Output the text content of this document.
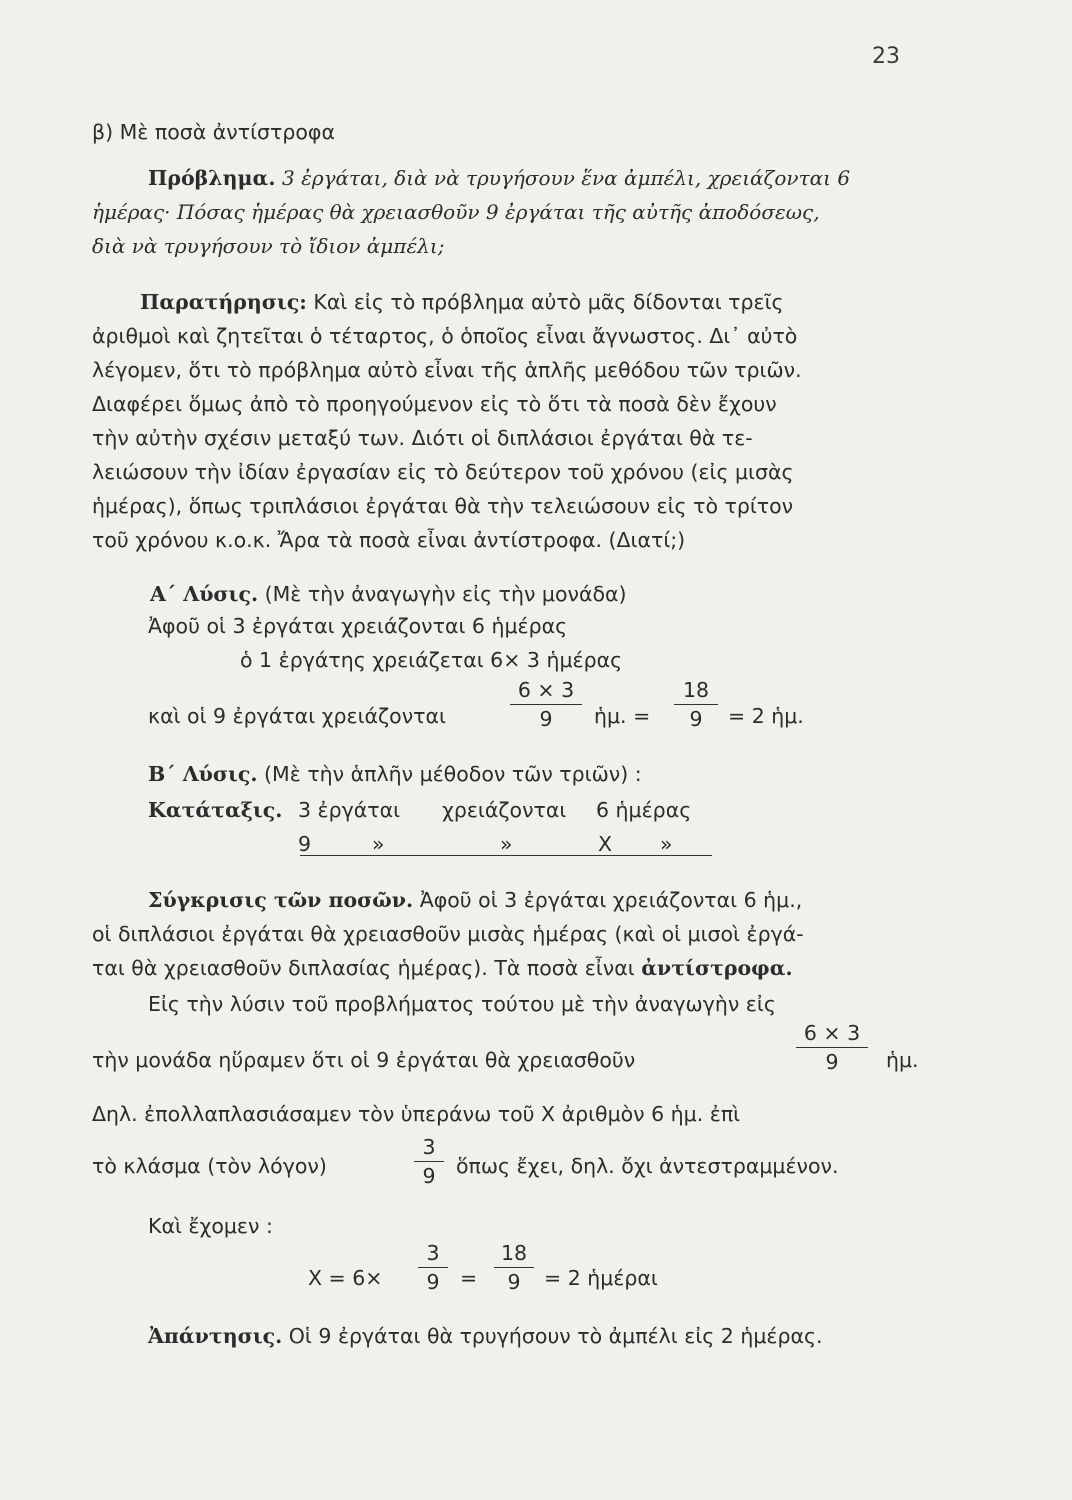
23
β) Μὲ ποσὰ ἀντίστροφα
Πρόβλημα. 3 ἐργάται, διὰ νὰ τρυγήσουν ἕνα ἀμπέλι, χρειάζονται 6
ἡμέρας· Πόσας ἡμέρας θὰ χρειασθοῦν 9 ἐργάται τῆς αὐτῆς ἀποδόσεως,
διὰ νὰ τρυγήσουν τὸ ἴδιον ἀμπέλι;
Παρατήρησις: Καὶ εἰς τὸ πρόβλημα αὐτὸ μᾶς δίδονται τρεῖς
ἀριθμοὶ καὶ ζητεῖται ὁ τέταρτος, ὁ ὁποῖος εἶναι ἄγνωστος. Δι᾽ αὐτὸ
λέγομεν, ὅτι τὸ πρόβλημα αὐτὸ εἶναι τῆς ἁπλῆς μεθόδου τῶν τριῶν.
Διαφέρει ὅμως ἀπὸ τὸ προηγούμενον εἰς τὸ ὅτι τὰ ποσὰ δὲν ἔχουν
τὴν αὐτὴν σχέσιν μεταξύ των. Διότι οἱ διπλάσιοι ἐργάται θὰ τε-
λειώσουν τὴν ἰδίαν ἐργασίαν εἰς τὸ δεύτερον τοῦ χρόνου (εἰς μισὰς
ἡμέρας), ὅπως τριπλάσιοι ἐργάται θὰ τὴν τελειώσουν εἰς τὸ τρίτον
τοῦ χρόνου κ.ο.κ. Ἄρα τὰ ποσὰ εἶναι ἀντίστροφα. (Διατί;)
Α΄ Λύσις. (Μὲ τὴν ἀναγωγὴν εἰς τὴν μονάδα)
Ἀφοῦ οἱ 3 ἐργάται χρειάζονται 6 ἡμέρας
ὁ 1 ἐργάτης χρειάζεται 6× 3 ἡμέρας
καὶ οἱ 9 ἐργάται χρειάζονται
6 × 3
9	ἡμ. =
18
9	= 2 ἡμ.
Β΄ Λύσις. (Μὲ τὴν ἁπλῆν μέθοδον τῶν τριῶν) :
Κατάταξις. 3 ἐργάται χρειάζονται 6 ἡμέρας
9	»	»	X »
Σύγκρισις τῶν ποσῶν. Ἀφοῦ οἱ 3 ἐργάται χρειάζονται 6 ἡμ.,
οἱ διπλάσιοι ἐργάται θὰ χρειασθοῦν μισὰς ἡμέρας (καὶ οἱ μισοὶ ἐργά-
ται θὰ χρειασθοῦν διπλασίας ἡμέρας). Τὰ ποσὰ εἶναι ἀντίστροφα.
Εἰς τὴν λύσιν τοῦ προβλήματος τούτου μὲ τὴν ἀναγωγὴν εἰς
τὴν μονάδα ηὕραμεν ὅτι οἱ 9 ἐργάται θὰ χρειασθοῦν
6 × 3
9	ἡμ.
Δηλ. ἐπολλαπλασιάσαμεν τὸν ὑπεράνω τοῦ X ἀριθμὸν 6 ἡμ. ἐπὶ
τὸ κλάσμα (τὸν λόγον)
3
9 ὅπως ἔχει, δηλ. ὄχι ἀντεστραμμένον.
Καὶ ἔχομεν :
X = 6×
3
9 =
18
9	= 2 ἡμέραι
Ἀπάντησις. Οἱ 9 ἐργάται θὰ τρυγήσουν τὸ ἀμπέλι εἰς 2 ἡμέρας.
